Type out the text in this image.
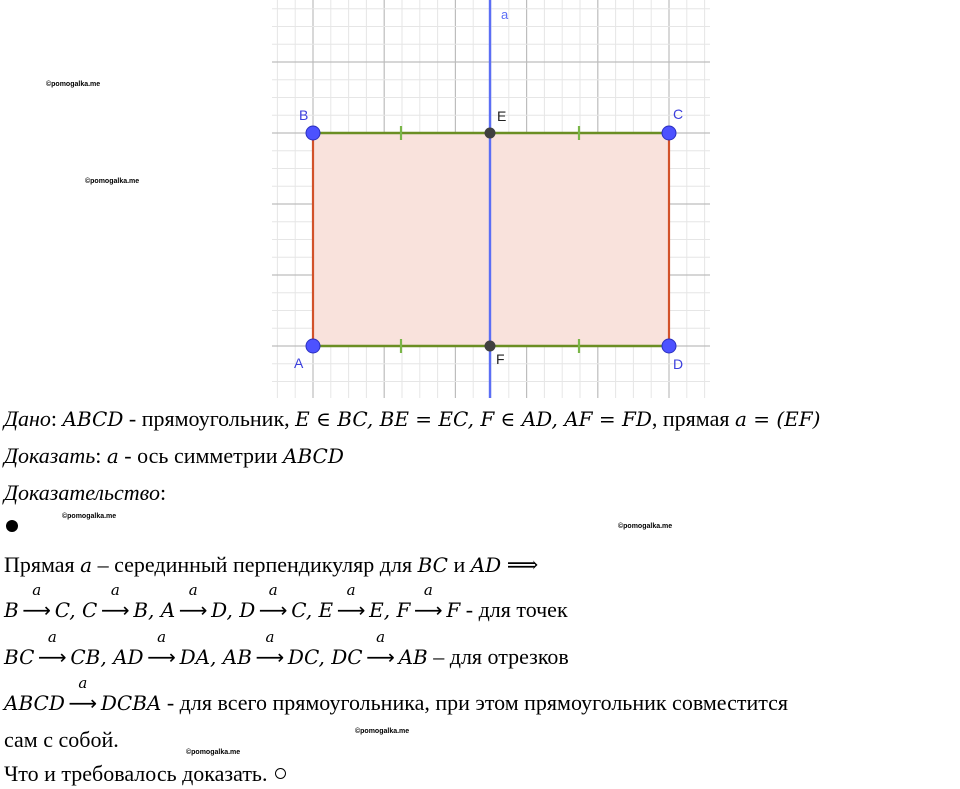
a
B	C
A	D
E
F
©pomogalka.me
©pomogalka.me
©pomogalka.me
©pomogalka.me
©pomogalka.me
©pomogalka.me
Дано: ABCD - прямоугольник, E ∈ BC, BE = EC, F ∈ AD, AF = FD, прямая a = (EF)
Доказать: a - ось симметрии ABCD
Доказательство:
Прямая a – серединный перпендикуляр для BC и AD ⟹
B
a
⟶ C, C
a
⟶ B, A
a
⟶ D, D
a
⟶ C, E
a
⟶ E, F
a
⟶ F - для точек
BC
a
⟶ CB, AD
a
⟶ DA, AB
a
⟶ DC, DC
a
⟶ AB – для отрезков
ABCD
a
⟶ DCBA - для всего прямоугольника, при этом прямоугольник совместится
сам с собой.
Что и требовалось доказать.
